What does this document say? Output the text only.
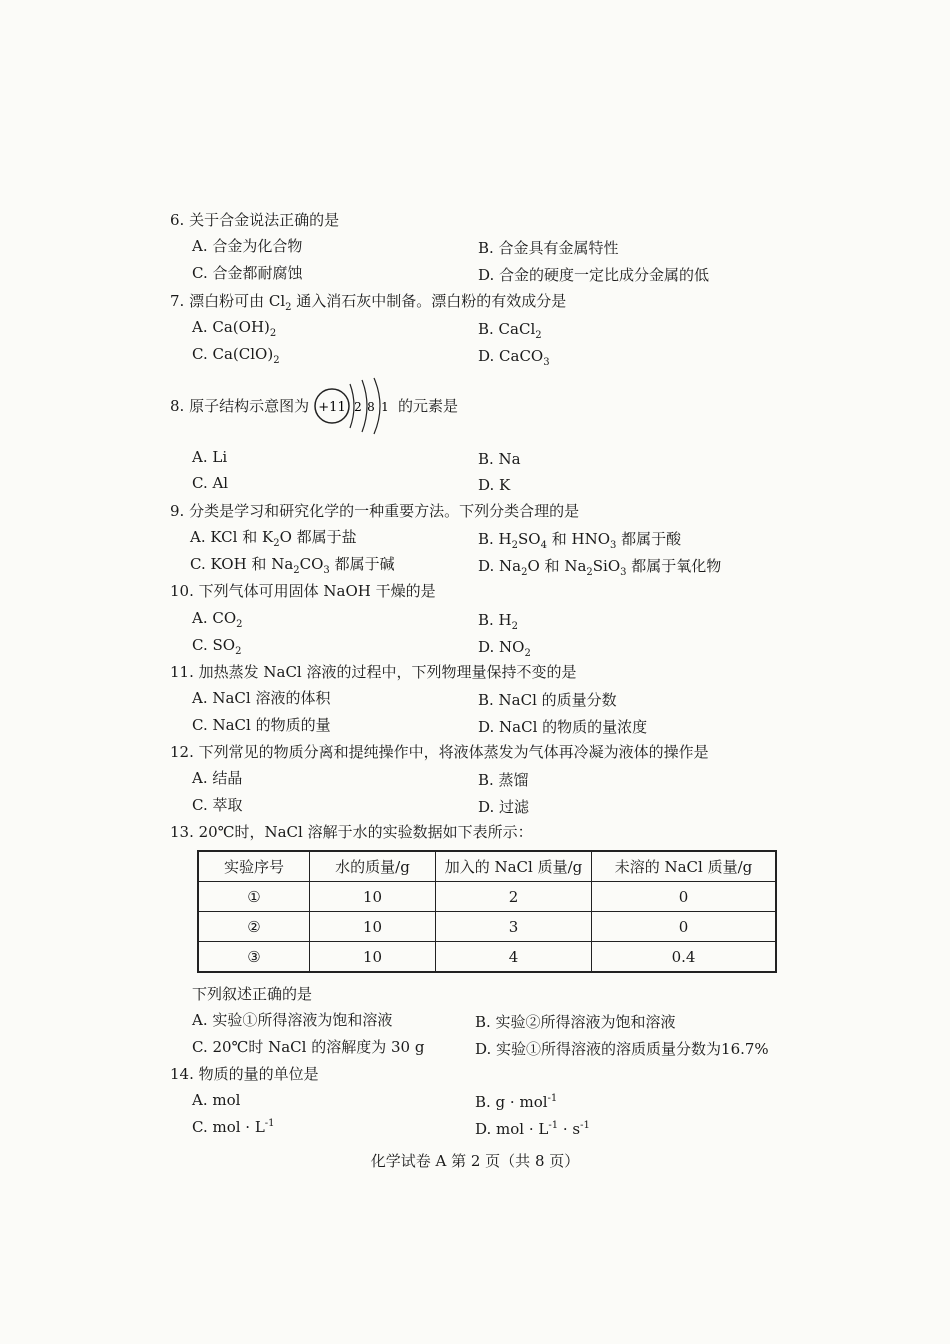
6. 关于合金说法正确的是
A. 合金为化合物	B. 合金具有金属特性
C. 合金都耐腐蚀	D. 合金的硬度一定比成分金属的低
7. 漂白粉可由 $Cl_2$ 通入消石灰中制备。漂白粉的有效成分是
A. $Ca(OH)_2$	B. CaCl$_2$
C. $Ca(ClO)_2$	D. CaCO$_3$
8. 原子结构示意图为 +11 2 8 1 的元素是
A. Li	B. Na
C. Al	D. K
9. 分类是学习和研究化学的一种重要方法。下列分类合理的是
A. KCl 和 $K_2O$ 都属于盐	B. $H_2SO_4$ 和 $HNO_3$ 都属于酸
C. KOH 和 $Na_2CO_3$ 都属于碱	D. $Na_2O$ 和 $Na_2SiO_3$ 都属于氧化物
10. 下列气体可用固体 NaOH 干燥的是
A. $CO_2$	B. $H_2$
C. $SO_2$	D. $NO_2$
11. 加热蒸发 NaCl 溶液的过程中，下列物理量保持不变的是
A. NaCl 溶液的体积	B. NaCl 的质量分数
C. NaCl 的物质的量	D. NaCl 的物质的量浓度
12. 下列常见的物质分离和提纯操作中，将液体蒸发为气体再冷凝为液体的操作是
A. 结晶	B. 蒸馏
C. 萃取	D. 过滤
13. 20℃时，NaCl 溶解于水的实验数据如下表所示：
实验序号	水的质量/g	加入的 NaCl 质量/g	未溶的 NaCl 质量/g
①	10	2	0
②	10	3	0
③	10	4	0.4
下列叙述正确的是
A. 实验①所得溶液为饱和溶液	B. 实验②所得溶液为饱和溶液
C. 20℃时 NaCl 的溶解度为 30 g	D. 实验①所得溶液的溶质质量分数为16.7%
14. 物质的量的单位是
A. mol	B. g · mol$^{-1}$
C. mol · $L^{-1}$	D. mol · $L^{-1} \cdot s^{-1}$
化学试卷 A 第 2 页（共 8 页）
